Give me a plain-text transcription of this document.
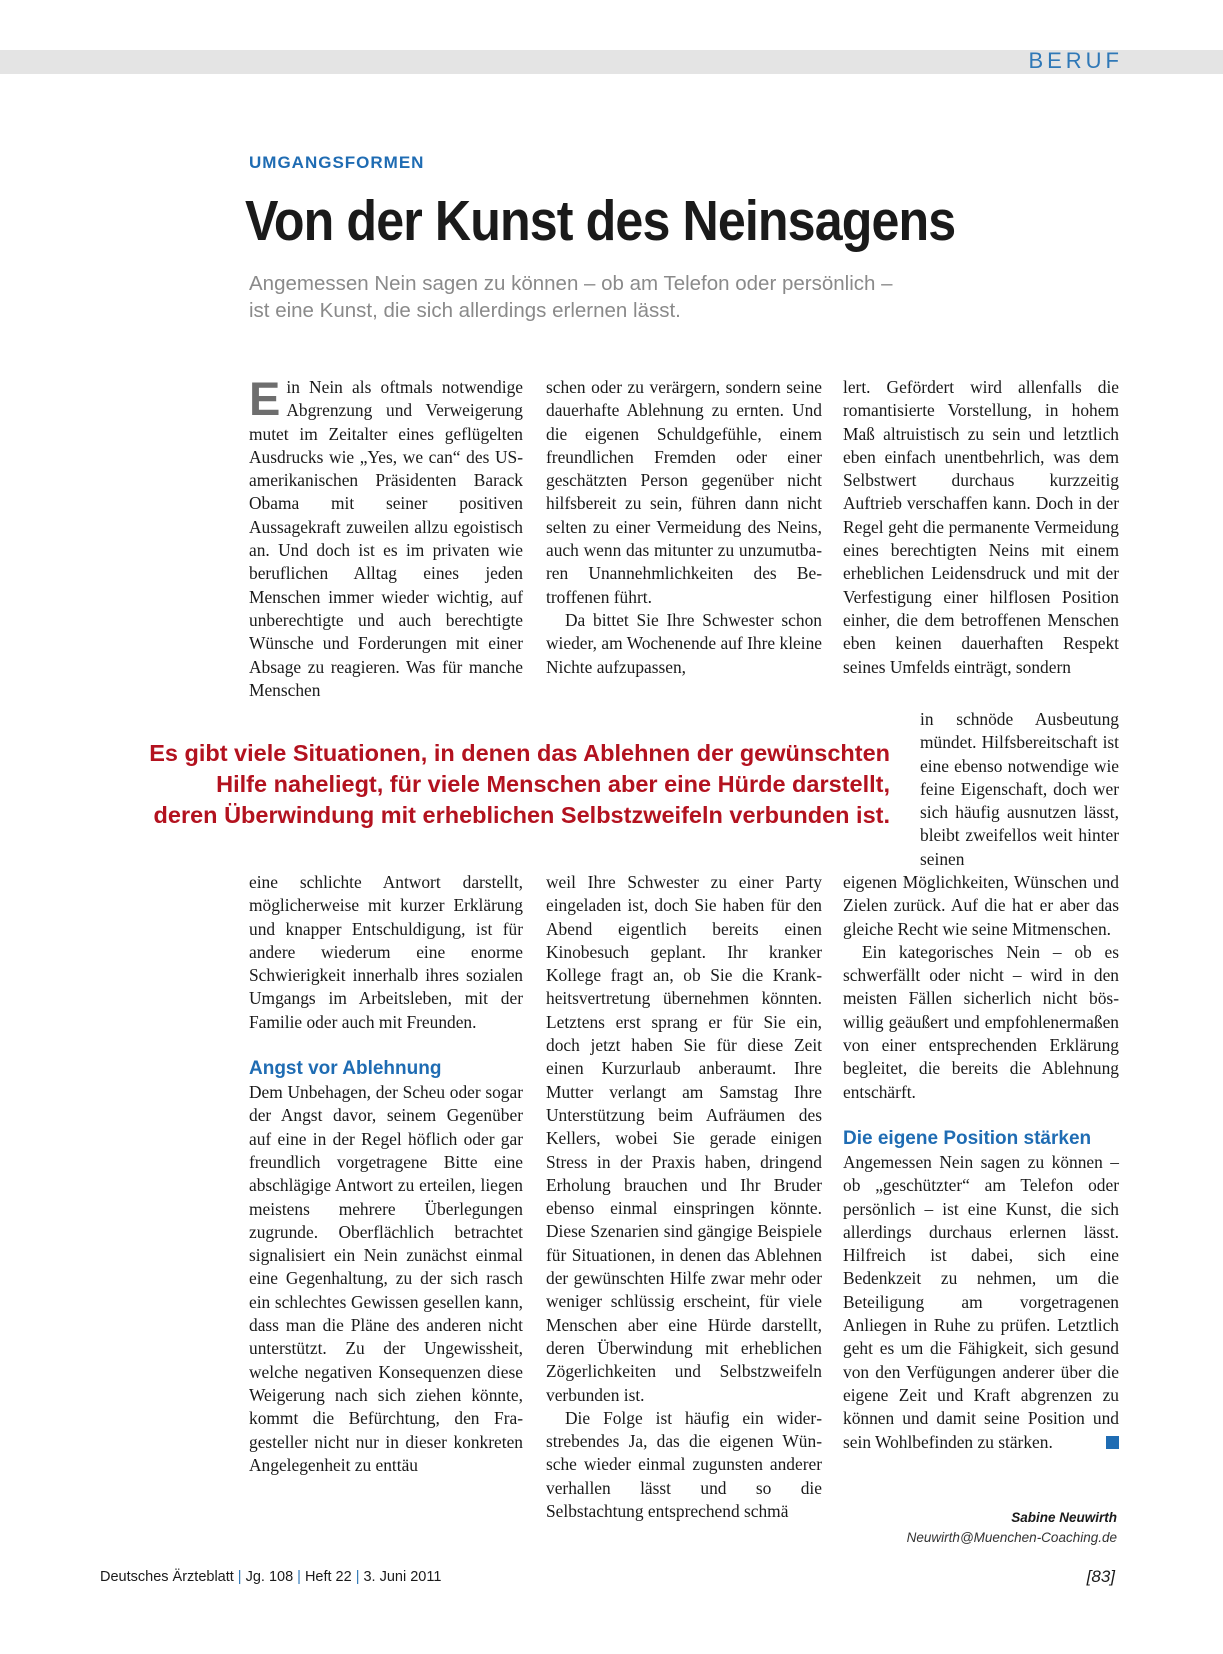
BERUF
UMGANGSFORMEN
Von der Kunst des Neinsagens
Angemessen Nein sagen zu können – ob am Telefon oder persönlich –
ist eine Kunst, die sich allerdings erlernen lässt.

Ein Nein als oftmals notwendige Abgrenzung und Verweigerung mutet im Zeitalter eines geflügelten Ausdrucks wie „Yes, we can“ des US-amerikanischen Präsidenten Barack Obama mit seiner positiven Aussagekraft zuweilen allzu egoistisch an. Und doch ist es im privaten wie beruflichen Alltag eines jeden Menschen immer wieder wichtig, auf unberechtigte und auch berechtigte Wünsche und Forderungen mit einer Absage zu reagieren. Was für manche Menschen

schen oder zu verärgern, sondern seine dauerhafte Ablehnung zu ernten. Und die eigenen Schuldgefühle, einem freundlichen Fremden oder einer geschätzten Person gegenüber nicht hilfsbereit zu sein, führen dann nicht selten zu einer Vermeidung des Neins, auch wenn das mitunter zu unzumutbaren Unannehmlichkeiten des Betroffenen führt.

Da bittet Sie Ihre Schwester schon wieder, am Wochenende auf Ihre kleine Nichte aufzupassen,

lert. Gefördert wird allenfalls die romantisierte Vorstellung, in hohem Maß altruistisch zu sein und letztlich eben einfach unentbehrlich, was dem Selbstwert durchaus kurzzeitig Auftrieb verschaffen kann. Doch in der Regel geht die permanente Vermeidung eines berechtigten Neins mit einem erheblichen Leidensdruck und mit der Verfestigung einer hilflosen Position einher, die dem betroffenen Menschen eben keinen dauerhaften Respekt seines Umfelds einträgt, sondern

in schnöde Ausbeutung mündet. Hilfsbereitschaft ist eine ebenso notwendige wie feine Eigenschaft, doch wer sich häufig ausnutzen lässt, bleibt zweifellos weit hinter seinen

Es gibt viele Situationen, in denen das Ablehnen der gewünschten
Hilfe naheliegt, für viele Menschen aber eine Hürde darstellt,
deren Überwindung mit erheblichen Selbstzweifeln verbunden ist.

eine schlichte Antwort darstellt, möglicherweise mit kurzer Erklärung und knapper Entschuldigung, ist für andere wiederum eine enorme Schwierigkeit innerhalb ihres sozialen Umgangs im Arbeitsleben, mit der Familie oder auch mit Freunden.

Angst vor Ablehnung

Dem Unbehagen, der Scheu oder sogar der Angst davor, seinem Gegenüber auf eine in der Regel höflich oder gar freundlich vorgetragene Bitte eine abschlägige Antwort zu erteilen, liegen meistens mehrere Überlegungen zugrunde. Oberflächlich betrachtet signalisiert ein Nein zunächst einmal eine Gegenhaltung, zu der sich rasch ein schlechtes Gewissen gesellen kann, dass man die Pläne des anderen nicht unterstützt. Zu der Ungewissheit, welche negativen Konsequenzen diese Weigerung nach sich ziehen könnte, kommt die Befürchtung, den Fragesteller nicht nur in dieser konkreten Angelegenheit zu enttäu

weil Ihre Schwester zu einer Party eingeladen ist, doch Sie haben für den Abend eigentlich bereits einen Kinobesuch geplant. Ihr kranker Kollege fragt an, ob Sie die Krankheitsvertretung übernehmen könnten. Letztens erst sprang er für Sie ein, doch jetzt haben Sie für diese Zeit einen Kurzurlaub anberaumt. Ihre Mutter verlangt am Samstag Ihre Unterstützung beim Aufräumen des Kellers, wobei Sie gerade einigen Stress in der Praxis haben, dringend Erholung brauchen und Ihr Bruder ebenso einmal einspringen könnte. Diese Szenarien sind gängige Beispiele für Situationen, in denen das Ablehnen der gewünschten Hilfe zwar mehr oder weniger schlüssig erscheint, für viele Menschen aber eine Hürde darstellt, deren Überwindung mit erheblichen Zögerlichkeiten und Selbstzweifeln verbunden ist.

Die Folge ist häufig ein widerstrebendes Ja, das die eigenen Wünsche wieder einmal zugunsten anderer verhallen lässt und so die Selbstachtung entsprechend schmä

eigenen Möglichkeiten, Wünschen und Zielen zurück. Auf die hat er aber das gleiche Recht wie seine Mitmenschen.

Ein kategorisches Nein – ob es schwerfällt oder nicht – wird in den meisten Fällen sicherlich nicht böswillig geäußert und empfohlenermaßen von einer entsprechenden Erklärung begleitet, die bereits die Ablehnung entschärft.

Die eigene Position stärken

Angemessen Nein sagen zu können – ob „geschützter“ am Telefon oder persönlich – ist eine Kunst, die sich allerdings durchaus erlernen lässt. Hilfreich ist dabei, sich eine Bedenkzeit zu nehmen, um die Beteiligung am vorgetragenen Anliegen in Ruhe zu prüfen. Letztlich geht es um die Fähigkeit, sich gesund von den Verfügungen anderer über die eigene Zeit und Kraft abgrenzen zu können und damit seine Position und sein Wohlbefinden zu stärken.

Sabine Neuwirth
Neuwirth@Muenchen-Coaching.de
Deutsches Ärzteblatt | Jg. 108 | Heft 22 | 3. Juni 2011	[83]
